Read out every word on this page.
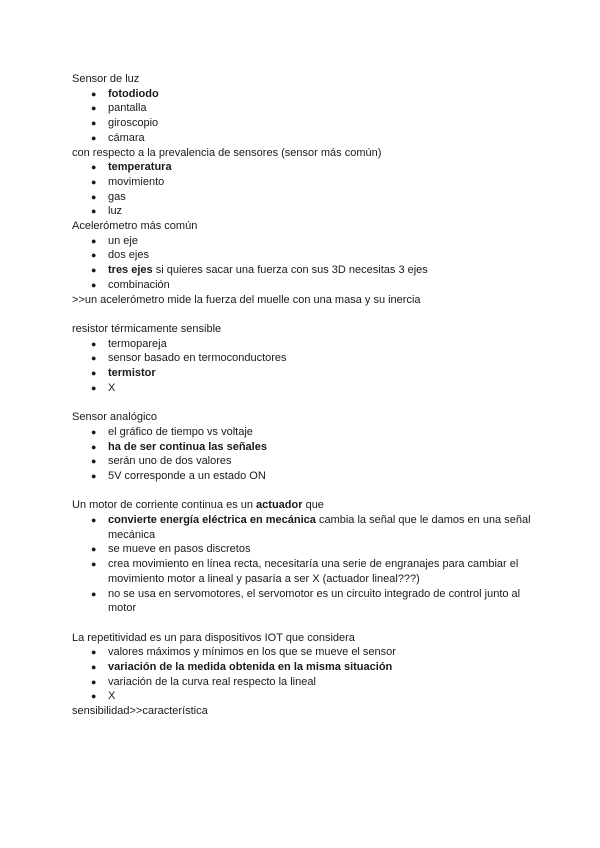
Sensor de luz

● fotodiodo
● pantalla
● giroscopio
● cámara

con respecto a la prevalencia de sensores (sensor más común)

● temperatura
● movimiento
● gas
● luz

Acelerómetro más común

● un eje
● dos ejes
● tres ejes si quieres sacar una fuerza con sus 3D necesitas 3 ejes
● combinación

>>un acelerómetro mide la fuerza del muelle con una masa y su inercia

resistor térmicamente sensible

● termopareja
● sensor basado en termoconductores
● termistor
● X

Sensor analógico

● el gráfico de tiempo vs voltaje
● ha de ser continua las señales
● serán uno de dos valores
● 5V corresponde a un estado ON

Un motor de corriente continua es un actuador que

● convierte energía eléctrica en mecánica cambia la señal que le damos en una señal mecánica
● se mueve en pasos discretos
● crea movimiento en línea recta, necesitaría una serie de engranajes para cambiar el movimiento motor a lineal y pasaría a ser X (actuador lineal???)
● no se usa en servomotores, el servomotor es un circuito integrado de control junto al motor

La repetitividad es un para dispositivos IOT que considera

● valores máximos y mínimos en los que se mueve el sensor
● variación de la medida obtenida en la misma situación
● variación de la curva real respecto la lineal
● X

sensibilidad>>característica
